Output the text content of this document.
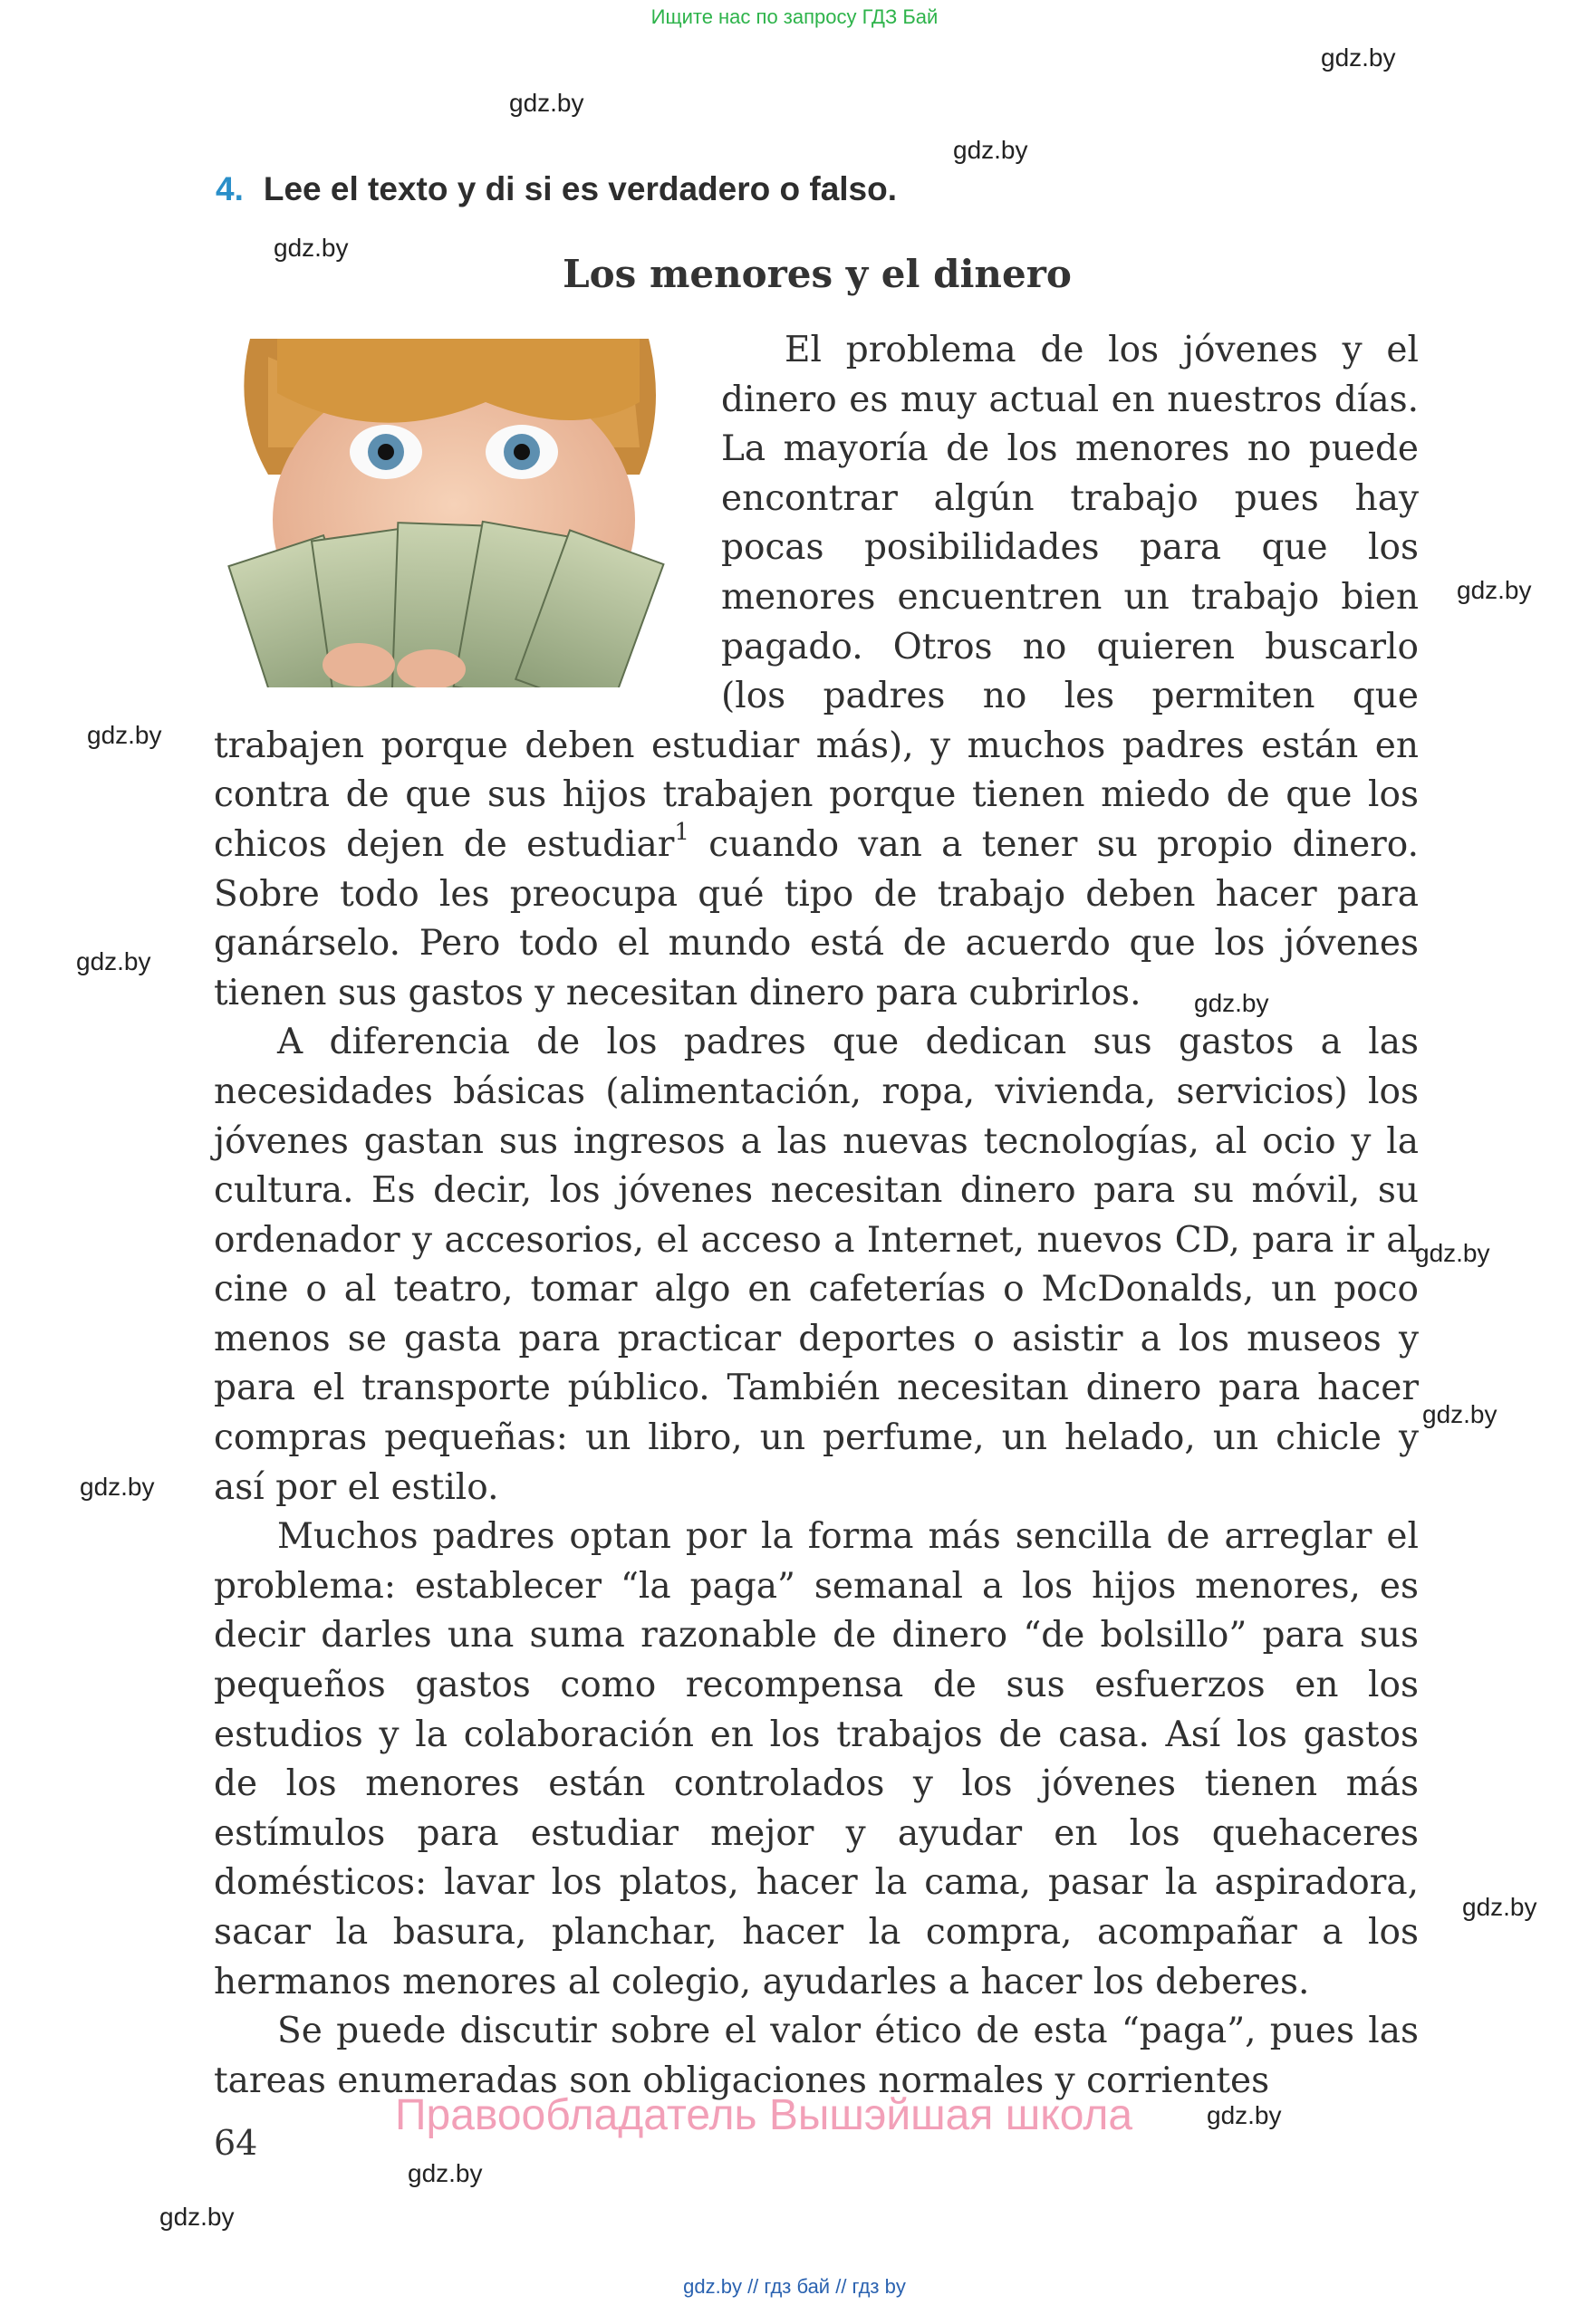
Ищите нас по запросу ГДЗ Бай
gdz.by
gdz.by
gdz.by
gdz.by
gdz.by
gdz.by
gdz.by
gdz.by
gdz.by
gdz.by
gdz.by
gdz.by
gdz.by
gdz.by
gdz.by
4. Lee el texto y di si es verdadero o falso.
Los menores y el dinero

El problema de los jóvenes y el dinero es muy actual en nuestros días. La mayoría de los menores no puede encontrar algún trabajo pues hay pocas posibilidades para que los menores encuentren un trabajo bien pagado. Otros no quieren buscarlo (los padres no les permiten que trabajen porque deben estudiar más), y muchos padres están en contra de que sus hijos trabajen porque tienen miedo de que los chicos dejen de estudiar$^1$ cuando van a tener su propio dinero. Sobre todo les preocupa qué tipo de trabajo deben hacer para ganárselo. Pero todo el mundo está de acuerdo que los jóvenes tienen sus gastos y necesitan dinero para cubrirlos.

A diferencia de los padres que dedican sus gastos a las necesidades básicas (alimentación, ropa, vivienda, servicios) los jóvenes gastan sus ingresos a las nuevas tecnologías, al ocio y la cultura. Es decir, los jóvenes necesitan dinero para su móvil, su ordenador y accesorios, el acceso a Internet, nuevos CD, para ir al cine o al teatro, tomar algo en cafeterías o McDonalds, un poco menos se gasta para practicar deportes o asistir a los museos y para el transporte público. También necesitan dinero para hacer compras pequeñas: un libro, un perfume, un helado, un chicle y así por el estilo.

Muchos padres optan por la forma más sencilla de arreglar el problema: establecer “la paga” semanal a los hijos menores, es decir darles una suma razonable de dinero “de bolsillo” para sus pequeños gastos como recompensa de sus esfuerzos en los estudios y la colaboración en los trabajos de casa. Así los gastos de los menores están controlados y los jóvenes tienen más estímulos para estudiar mejor y ayudar en los quehaceres domésticos: lavar los platos, hacer la cama, pasar la aspiradora, sacar la basura, planchar, hacer la compra, acompañar a los hermanos menores al colegio, ayudarles a hacer los deberes.

Se puede discutir sobre el valor ético de esta “paga”, pues las tareas enumeradas son obligaciones normales y corrientes

Правообладатель Вышэйшая школа
64
gdz.by // гдз бай // гдз by
